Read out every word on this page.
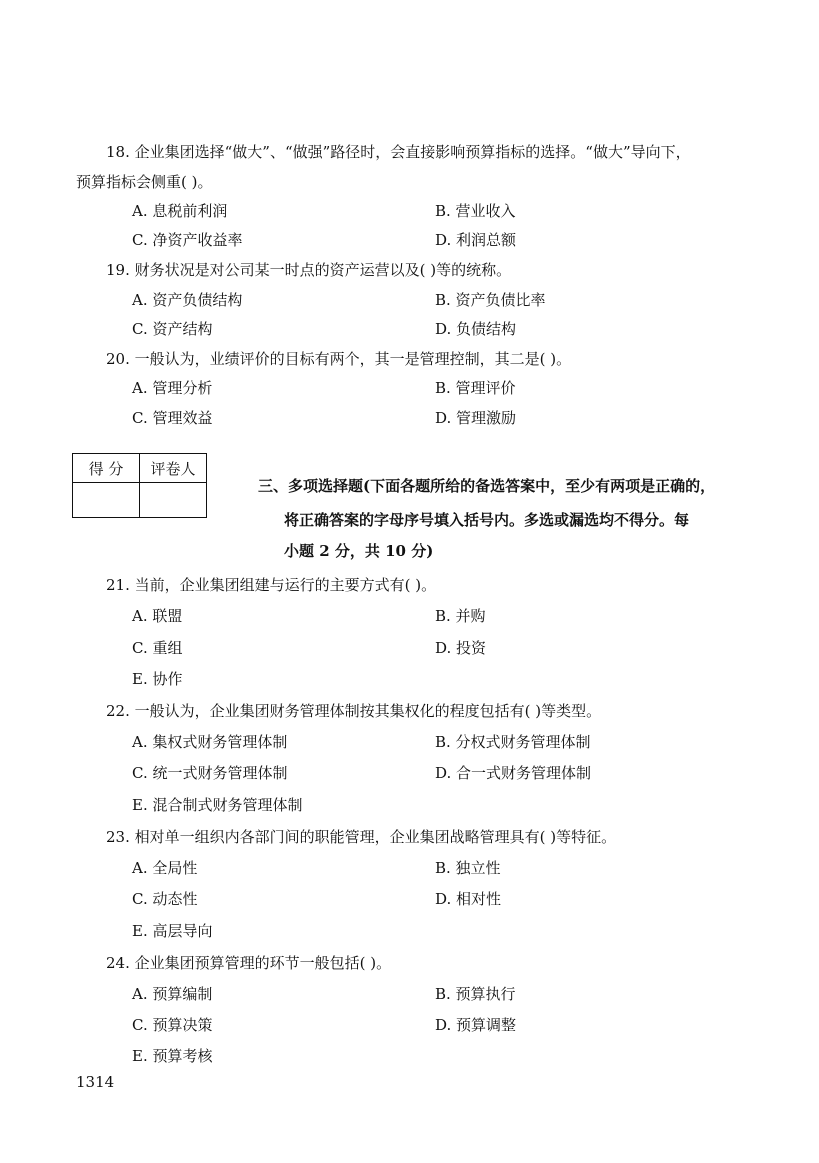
18. 企业集团选择“做大”、“做强”路径时，会直接影响预算指标的选择。“做大”导向下，
预算指标会侧重( )。
A. 息税前利润	B. 营业收入
C. 净资产收益率	D. 利润总额
19. 财务状况是对公司某一时点的资产运营以及( )等的统称。
A. 资产负债结构	B. 资产负债比率
C. 资产结构	D. 负债结构
20. 一般认为，业绩评价的目标有两个，其一是管理控制，其二是( )。
A. 管理分析	B. 管理评价
C. 管理效益	D. 管理激励
得 分	评卷人

三、多项选择题(下面各题所给的备选答案中，至少有两项是正确的，
将正确答案的字母序号填入括号内。多选或漏选均不得分。每
小题 2 分，共 10 分)
21. 当前，企业集团组建与运行的主要方式有( )。
A. 联盟	B. 并购
C. 重组	D. 投资
E. 协作
22. 一般认为，企业集团财务管理体制按其集权化的程度包括有( )等类型。
A. 集权式财务管理体制	B. 分权式财务管理体制
C. 统一式财务管理体制	D. 合一式财务管理体制
E. 混合制式财务管理体制
23. 相对单一组织内各部门间的职能管理，企业集团战略管理具有( )等特征。
A. 全局性	B. 独立性
C. 动态性	D. 相对性
E. 高层导向
24. 企业集团预算管理的环节一般包括( )。
A. 预算编制	B. 预算执行
C. 预算决策	D. 预算调整
E. 预算考核
1314
